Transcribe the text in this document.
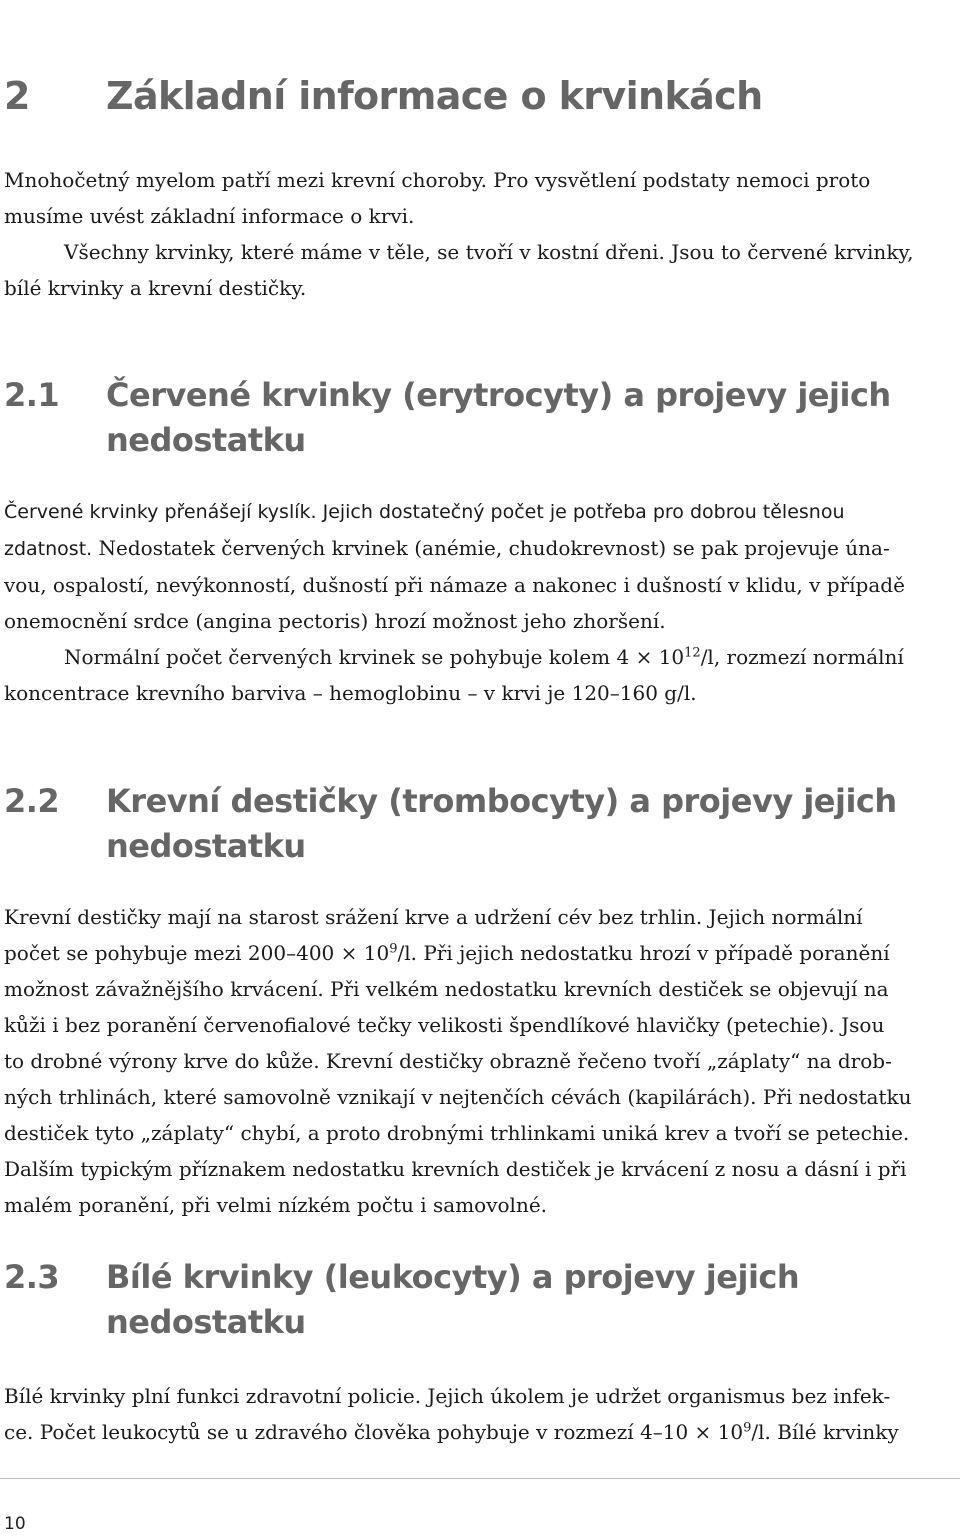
2 Základní informace o krvinkách
Mnohočetný myelom patří mezi krevní choroby. Pro vysvětlení podstaty nemoci proto
musíme uvést základní informace o krvi.
Všechny krvinky, které máme v těle, se tvoří v kostní dřeni. Jsou to červené krvinky,
bílé krvinky a krevní destičky.
2.1 Červené krvinky (erytrocyty) a projevy jejich
nedostatku
Červené krvinky přenášejí kyslík. Jejich dostatečný počet je potřeba pro dobrou tělesnou
zdatnost. Nedostatek červených krvinek (anémie, chudokrevnost) se pak projevuje úna-
vou, ospalostí, nevýkonností, dušností při námaze a nakonec i dušností v klidu, v případě
onemocnění srdce (angina pectoris) hrozí možnost jeho zhoršení.
Normální počet červených krvinek se pohybuje kolem $4 \times 10^{12}/l$, rozmezí normální
koncentrace krevního barviva – hemoglobinu – v krvi je 120–160 g/l.
2.2 Krevní destičky (trombocyty) a projevy jejich
nedostatku
Krevní destičky mají na starost srážení krve a udržení cév bez trhlin. Jejich normální
počet se pohybuje mezi $200-400 \times 10^9/l$. Při jejich nedostatku hrozí v případě poranění
možnost závažnějšího krvácení. Při velkém nedostatku krevních destiček se objevují na
kůži i bez poranění červenofialové tečky velikosti špendlíkové hlavičky (petechie). Jsou
to drobné výrony krve do kůže. Krevní destičky obrazně řečeno tvoří „záplaty“ na drob-
ných trhlinách, které samovolně vznikají v nejtenčích cévách (kapilárách). Při nedostatku
destiček tyto „záplaty“ chybí, a proto drobnými trhlinkami uniká krev a tvoří se petechie.
Dalším typickým příznakem nedostatku krevních destiček je krvácení z nosu a dásní i při
malém poranění, při velmi nízkém počtu i samovolné.
2.3 Bílé krvinky (leukocyty) a projevy jejich
nedostatku
Bílé krvinky plní funkci zdravotní policie. Jejich úkolem je udržet organismus bez infek-
ce. Počet leukocytů se u zdravého člověka pohybuje v rozmezí $4-10 \times 10^9/l$. Bílé krvinky
10
